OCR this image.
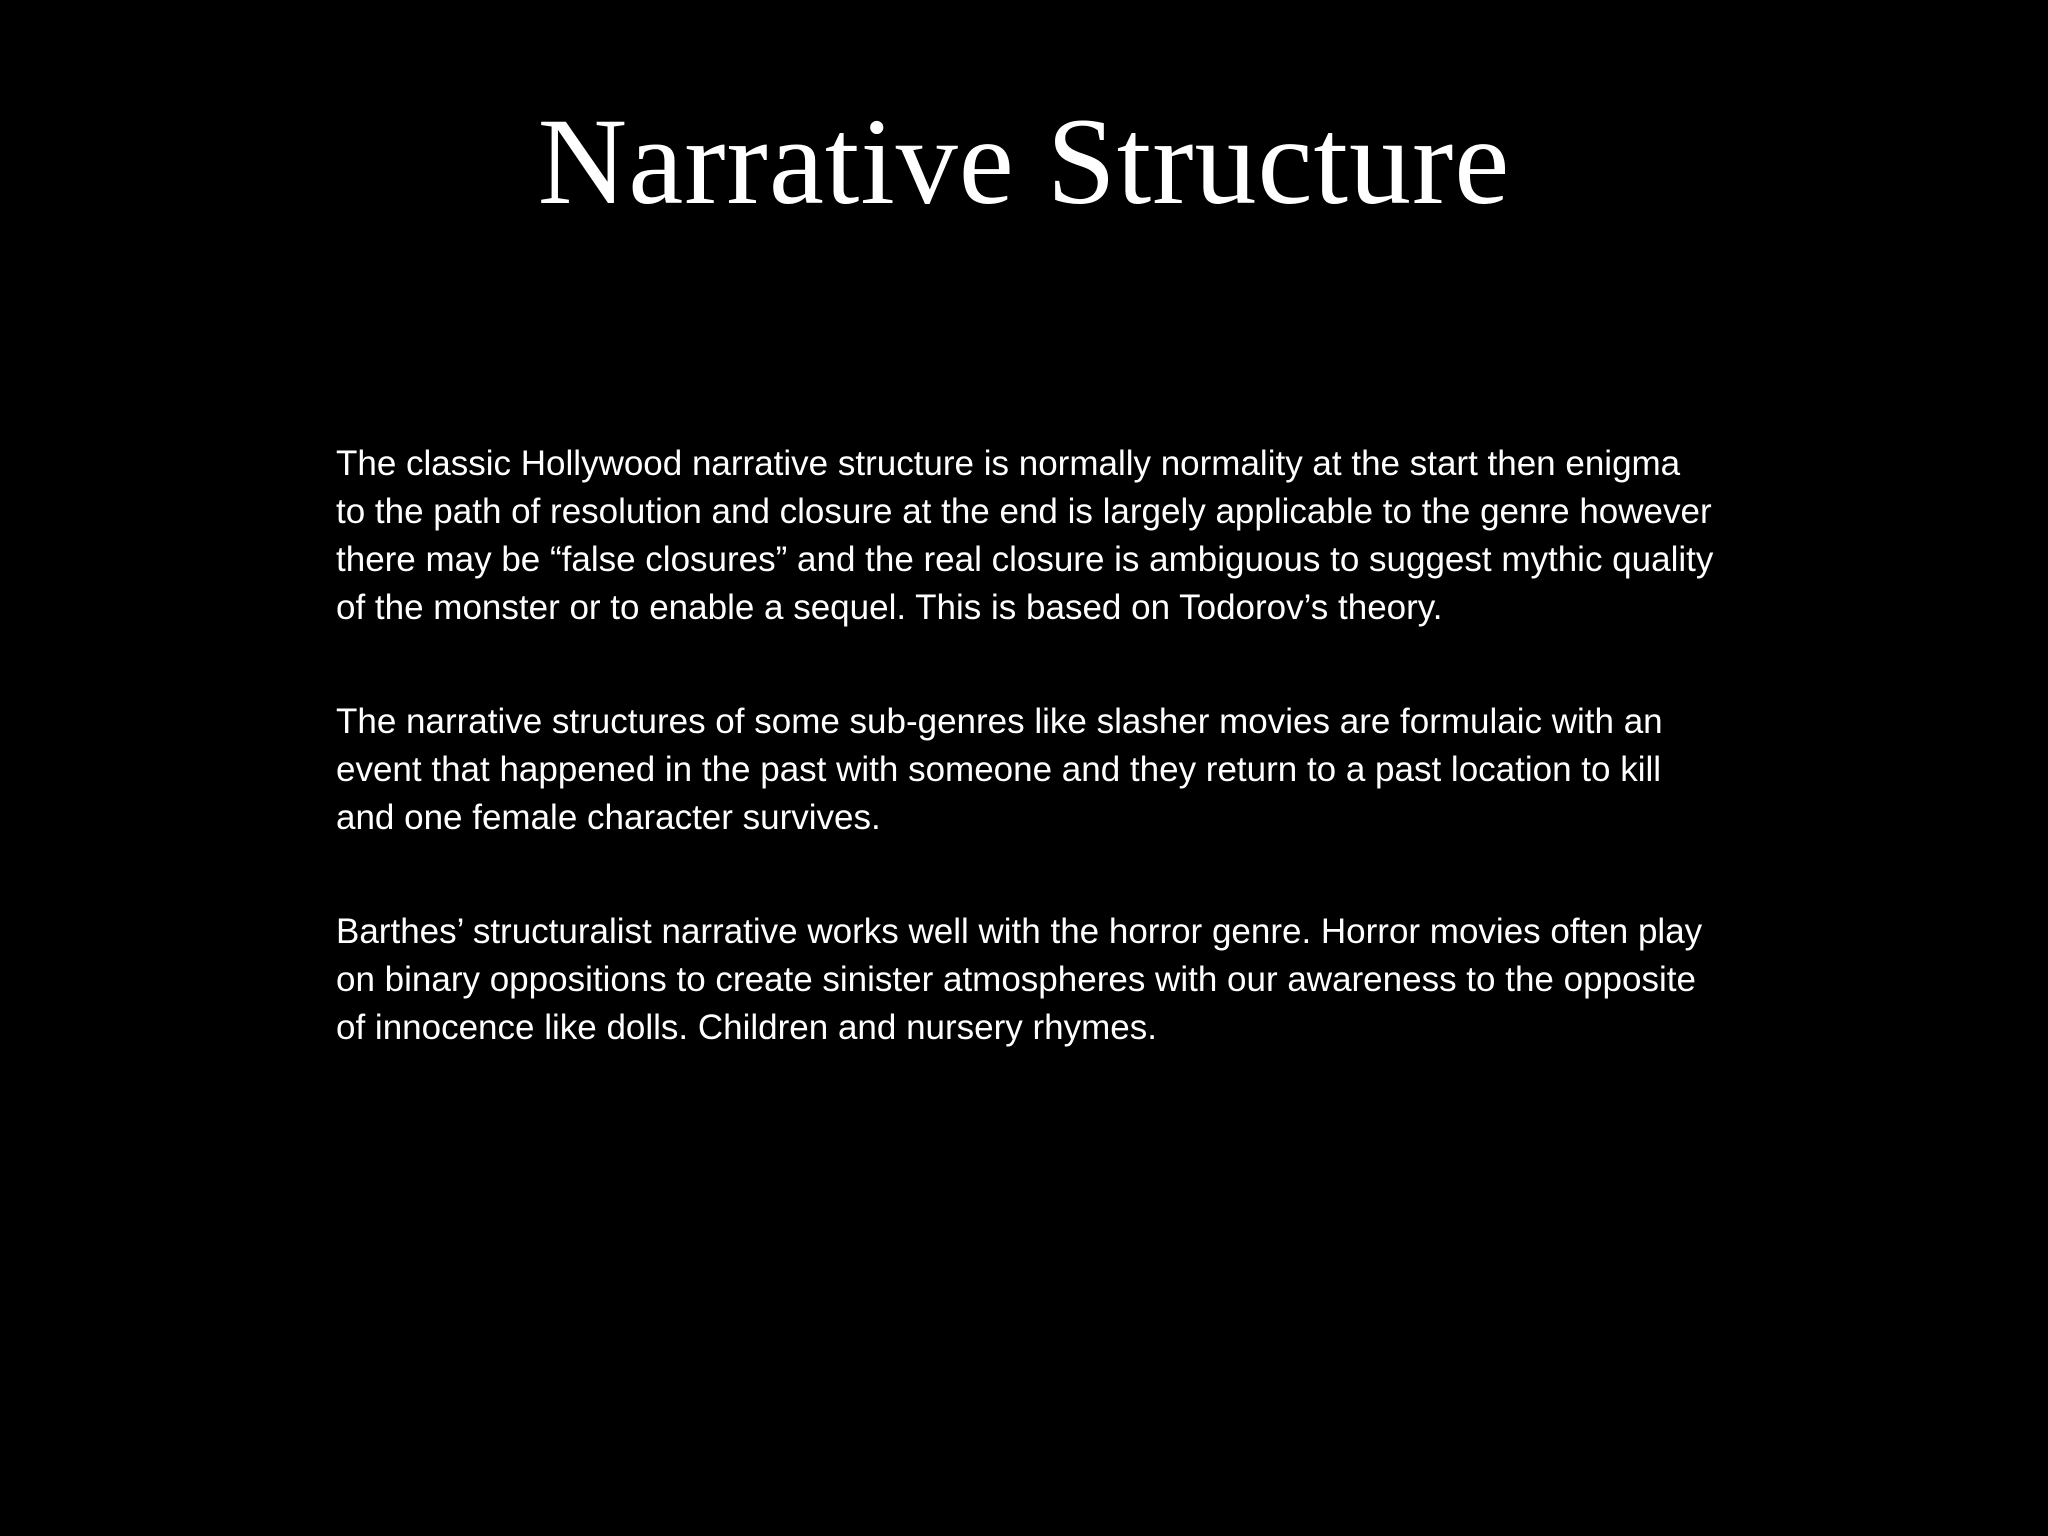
Narrative Structure

The classic Hollywood narrative structure is normally normality at the start then enigma to the path of resolution and closure at the end is largely applicable to the genre however there may be “false closures” and the real closure is ambiguous to suggest mythic quality of the monster or to enable a sequel. This is based on Todorov’s theory.

The narrative structures of some sub-genres like slasher movies are formulaic with an event that happened in the past with someone and they return to a past location to kill and one female character survives.

Barthes’ structuralist narrative works well with the horror genre. Horror movies often play on binary oppositions to create sinister atmospheres with our awareness to the opposite of innocence like dolls. Children and nursery rhymes.
